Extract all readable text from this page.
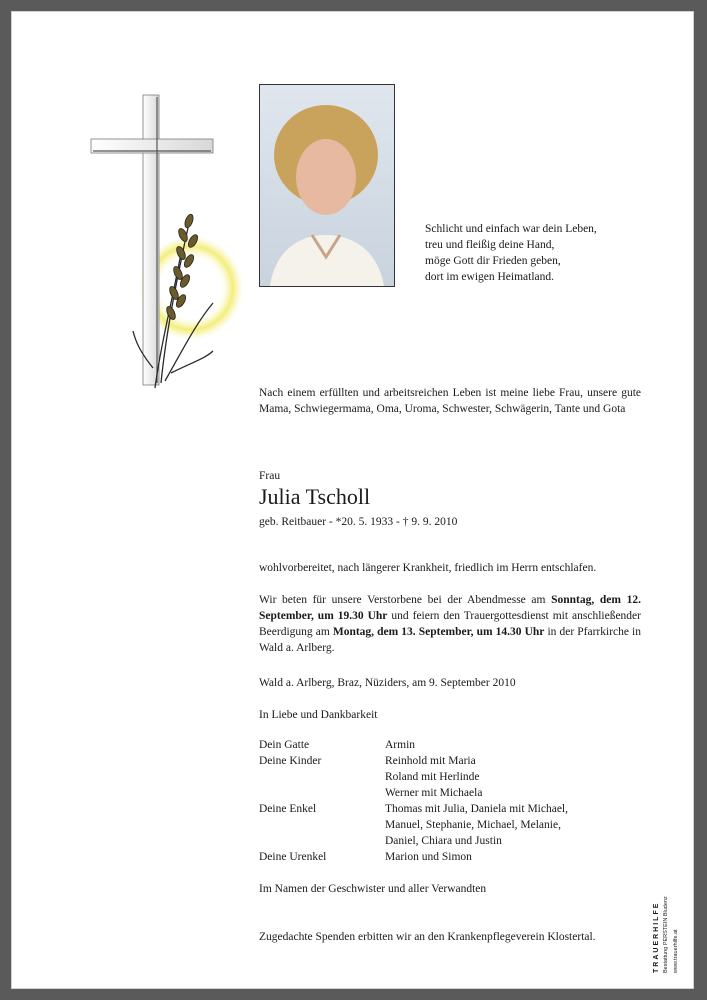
Schlicht und einfach war dein Leben,
treu und fleißig deine Hand,
möge Gott dir Frieden geben,
dort im ewigen Heimatland.
Nach einem erfüllten und arbeitsreichen Leben ist meine liebe Frau, unsere gute Mama, Schwiegermama, Oma, Uroma, Schwester, Schwägerin, Tante und Gota
Frau
Julia Tscholl
geb. Reitbauer - *20. 5. 1933 - † 9. 9. 2010
wohlvorbereitet, nach längerer Krankheit, friedlich im Herrn entschlafen.
Wir beten für unsere Verstorbene bei der Abendmesse am Sonntag, dem 12. September, um 19.30 Uhr und feiern den Trauergottesdienst mit anschließender Beerdigung am Montag, dem 13. September, um 14.30 Uhr in der Pfarrkirche in Wald a. Arlberg.
Wald a. Arlberg, Braz, Nüziders, am 9. September 2010
In Liebe und Dankbarkeit
Dein Gatte	Armin
Deine Kinder	Reinhold mit Maria
Roland mit Herlinde
Werner mit Michaela
Deine Enkel	Thomas mit Julia, Daniela mit Michael,
Manuel, Stephanie, Michael, Melanie,
Daniel, Chiara und Justin
Deine Urenkel	Marion und Simon
Im Namen der Geschwister und aller Verwandten
Zugedachte Spenden erbitten wir an den Krankenpflegeverein Klostertal.	TRAUERHILFE Bestattung PERSTEIN Bludenz www.trauerhilfe.at
